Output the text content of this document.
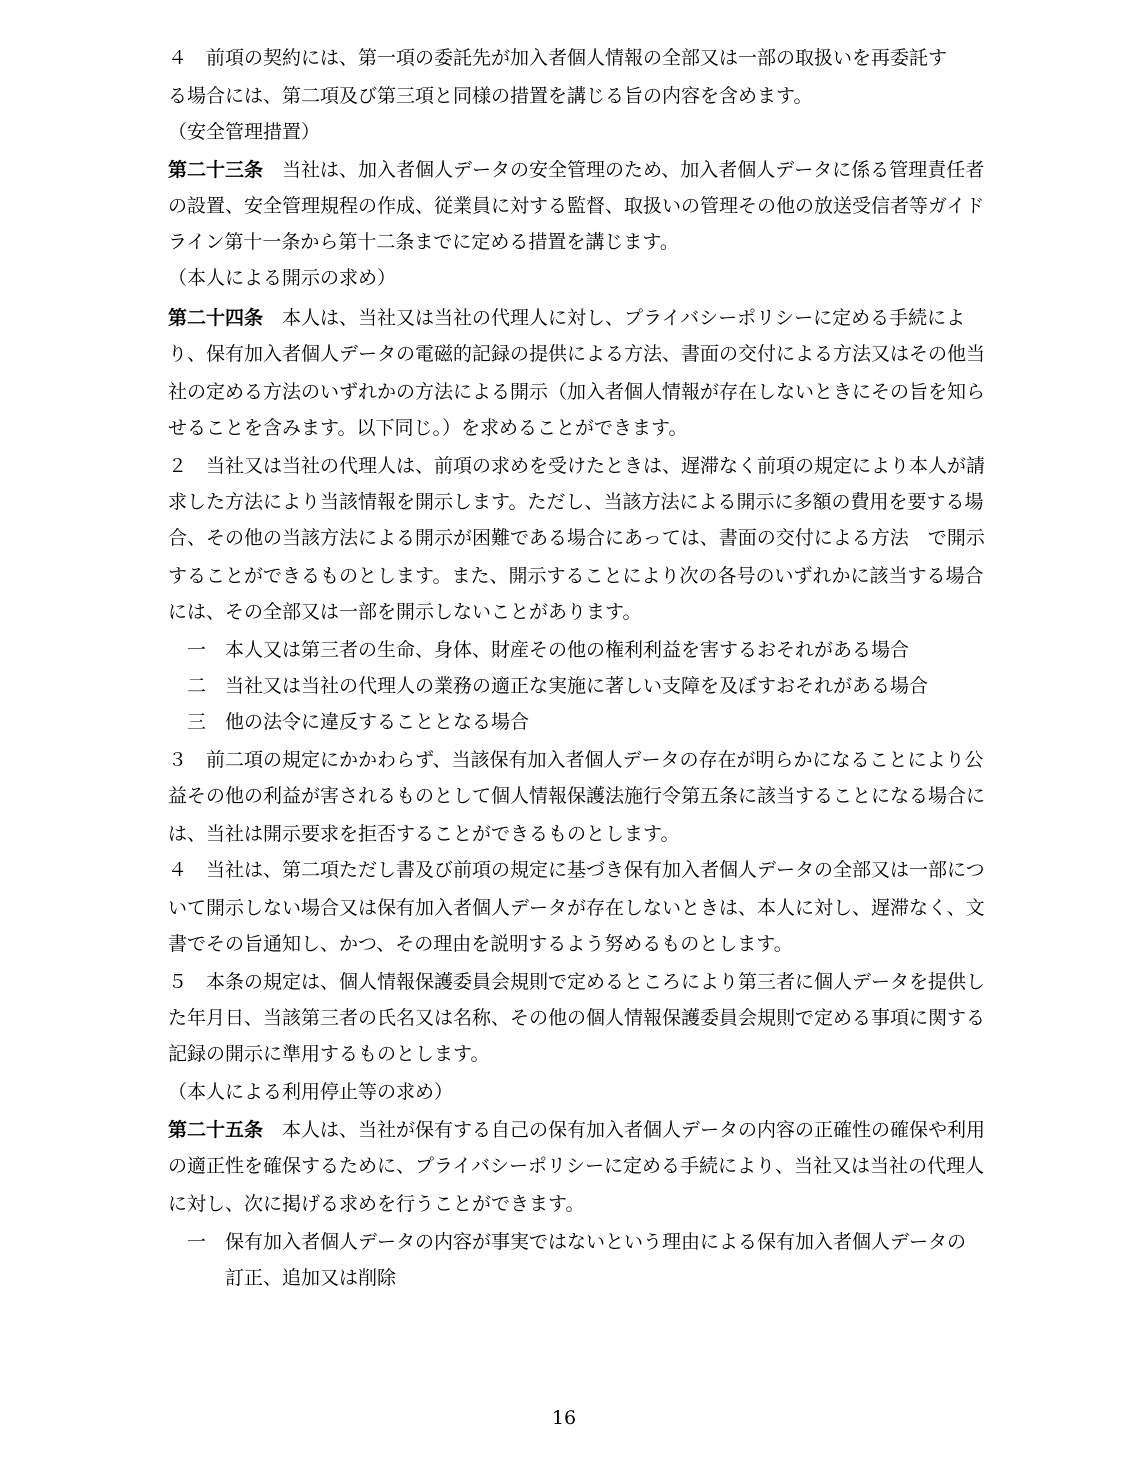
４　前項の契約には、第一項の委託先が加入者個人情報の全部又は一部の取扱いを再委託す
る場合には、第二項及び第三項と同様の措置を講じる旨の内容を含めます。
（安全管理措置）
第二十三条　当社は、加入者個人データの安全管理のため、加入者個人データに係る管理責任者
の設置、安全管理規程の作成、従業員に対する監督、取扱いの管理その他の放送受信者等ガイド
ライン第十一条から第十二条までに定める措置を講じます。
（本人による開示の求め）
第二十四条　本人は、当社又は当社の代理人に対し、プライバシーポリシーに定める手続によ
り、保有加入者個人データの電磁的記録の提供による方法、書面の交付による方法又はその他当
社の定める方法のいずれかの方法による開示（加入者個人情報が存在しないときにその旨を知ら
せることを含みます。以下同じ。）を求めることができます。
２　当社又は当社の代理人は、前項の求めを受けたときは、遅滞なく前項の規定により本人が請
求した方法により当該情報を開示します。ただし、当該方法による開示に多額の費用を要する場
合、その他の当該方法による開示が困難である場合にあっては、書面の交付による方法　で開示
することができるものとします。また、開示することにより次の各号のいずれかに該当する場合
には、その全部又は一部を開示しないことがあります。
　一　本人又は第三者の生命、身体、財産その他の権利利益を害するおそれがある場合
　二　当社又は当社の代理人の業務の適正な実施に著しい支障を及ぼすおそれがある場合
　三　他の法令に違反することとなる場合
３　前二項の規定にかかわらず、当該保有加入者個人データの存在が明らかになることにより公
益その他の利益が害されるものとして個人情報保護法施行令第五条に該当することになる場合に
は、当社は開示要求を拒否することができるものとします。
４　当社は、第二項ただし書及び前項の規定に基づき保有加入者個人データの全部又は一部につ
いて開示しない場合又は保有加入者個人データが存在しないときは、本人に対し、遅滞なく、文
書でその旨通知し、かつ、その理由を説明するよう努めるものとします。
５　本条の規定は、個人情報保護委員会規則で定めるところにより第三者に個人データを提供し
た年月日、当該第三者の氏名又は名称、その他の個人情報保護委員会規則で定める事項に関する
記録の開示に準用するものとします。
（本人による利用停止等の求め）
第二十五条　本人は、当社が保有する自己の保有加入者個人データの内容の正確性の確保や利用
の適正性を確保するために、プライバシーポリシーに定める手続により、当社又は当社の代理人
に対し、次に掲げる求めを行うことができます。
　一　保有加入者個人データの内容が事実ではないという理由による保有加入者個人データの
　　　訂正、追加又は削除
16
